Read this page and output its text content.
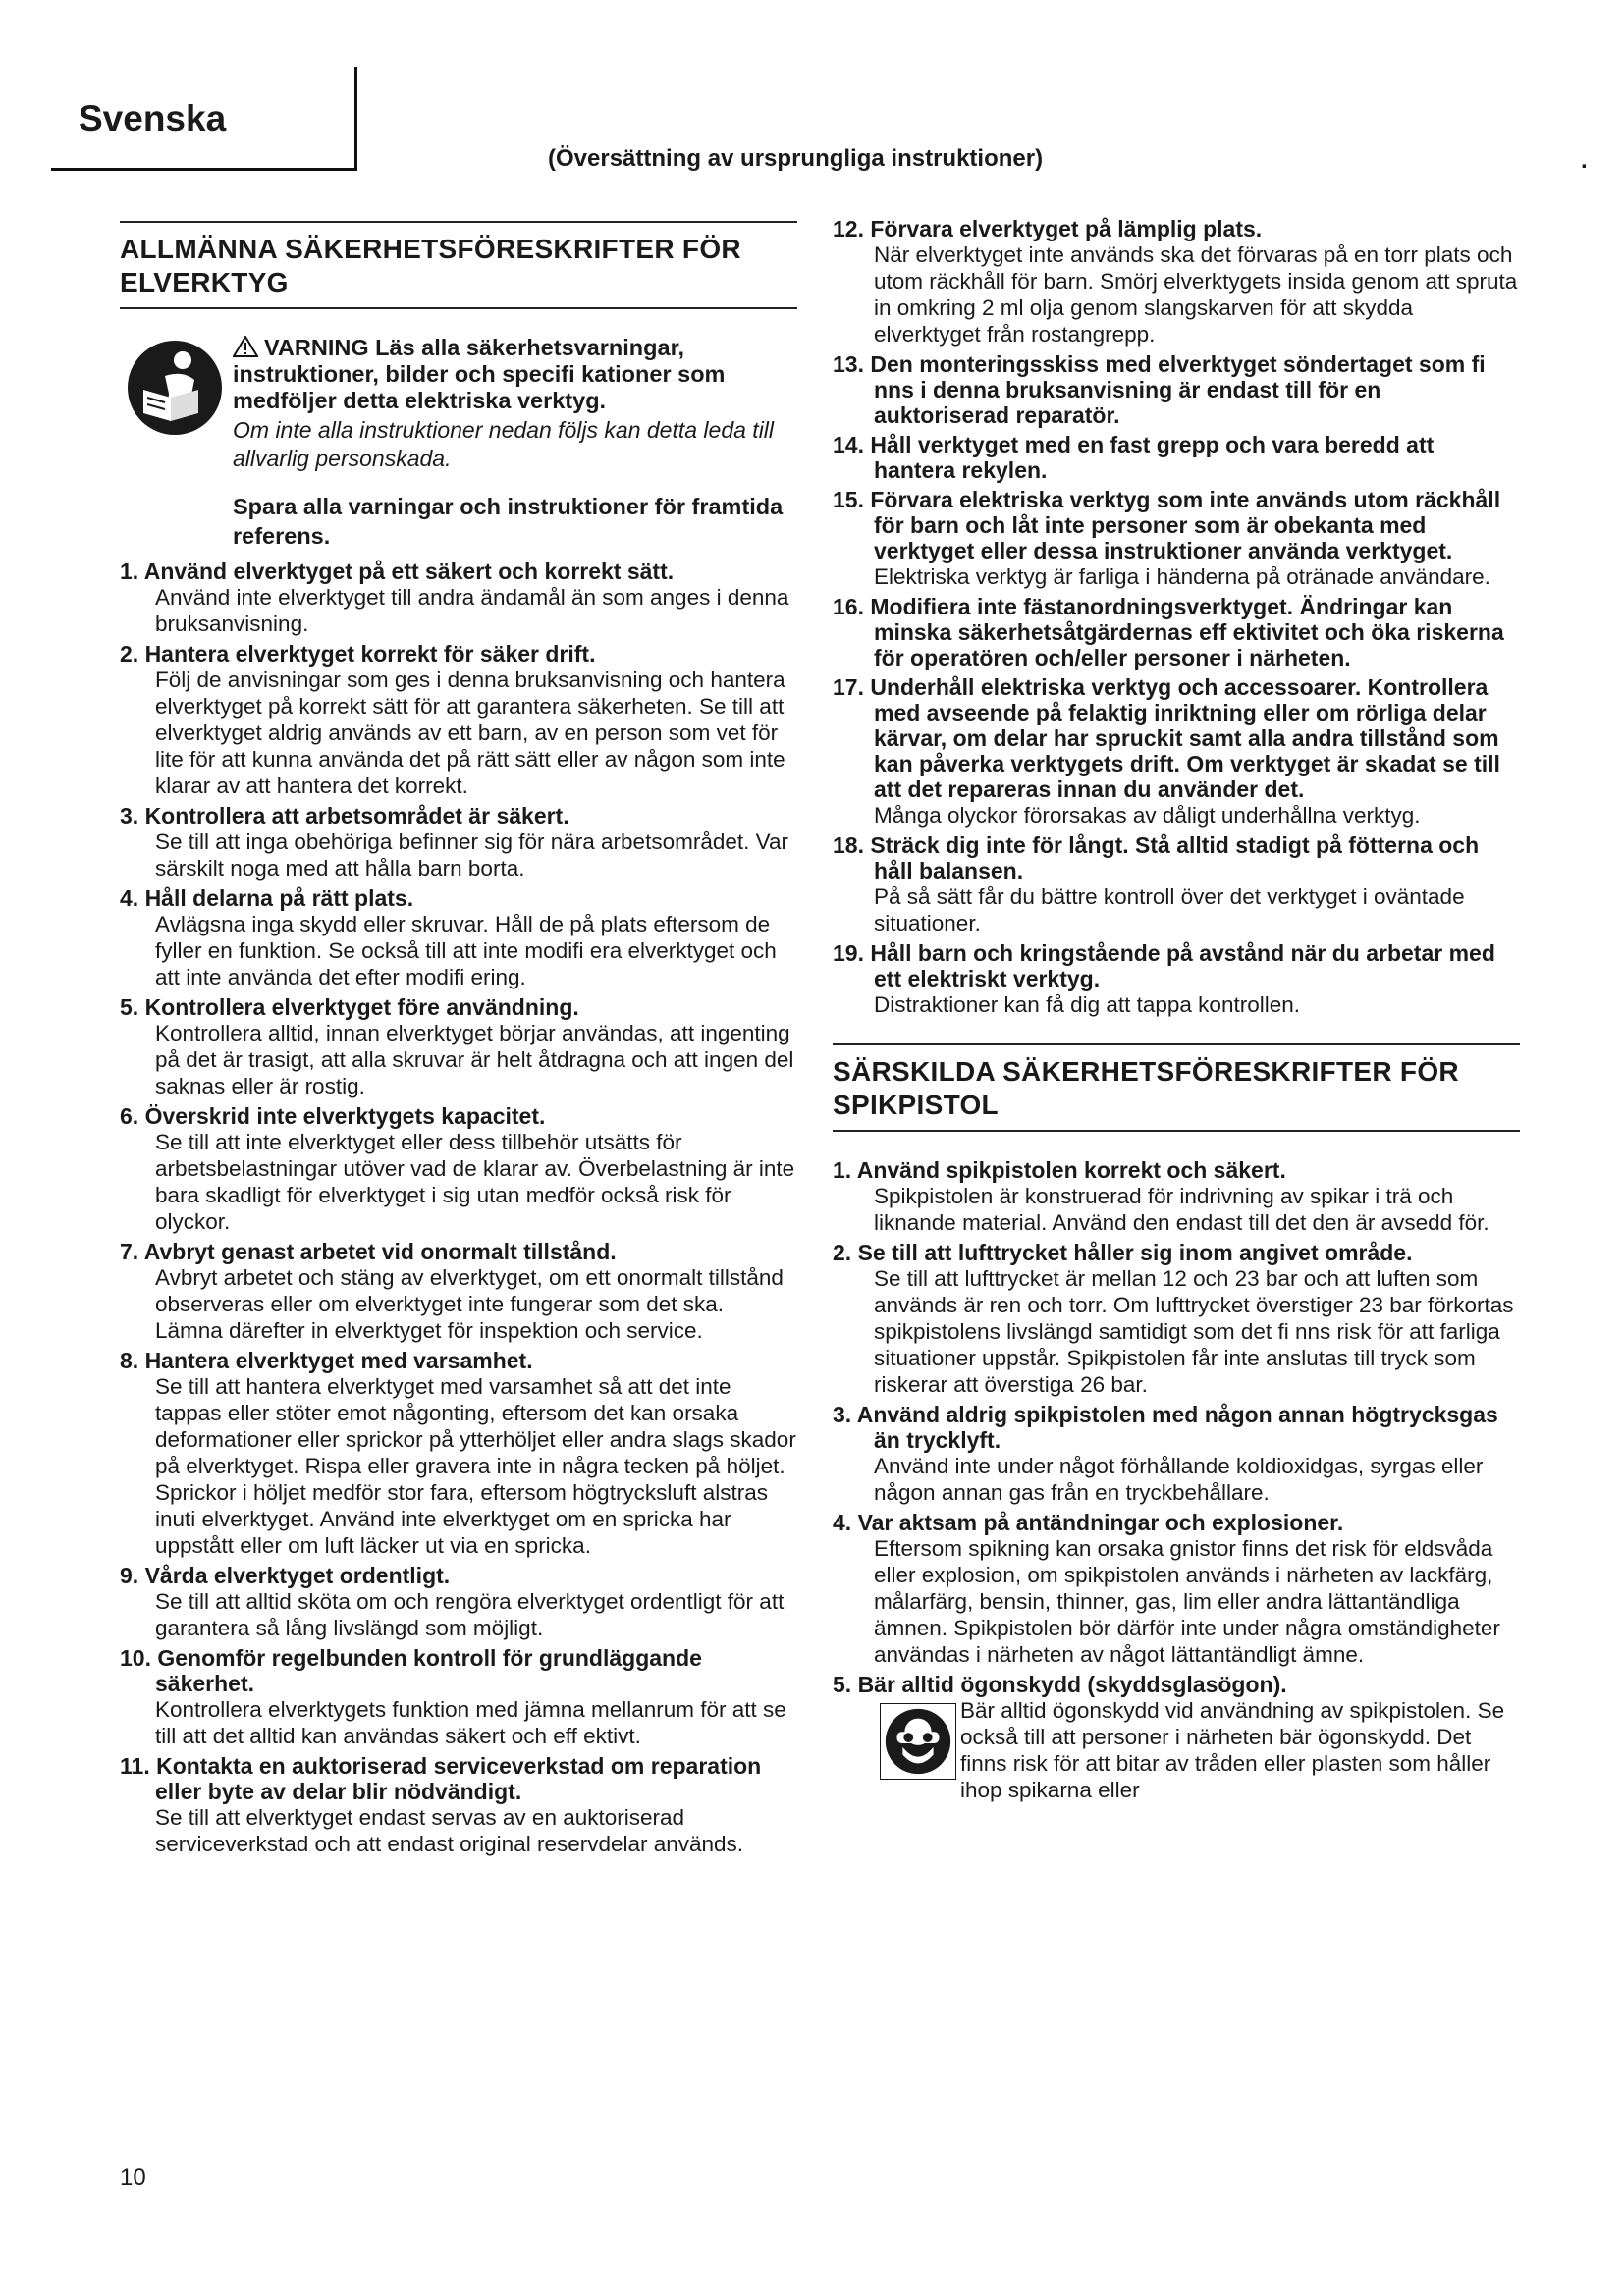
Svenska
(Översättning av ursprungliga instruktioner)	.
ALLMÄNNA SÄKERHETSFÖRESKRIFTER FÖR ELVERKTYG
VARNING Läs alla säkerhetsvarningar, instruktioner, bilder och specifi kationer som medföljer detta elektriska verktyg.
Om inte alla instruktioner nedan följs kan detta leda till allvarlig personskada.
Spara alla varningar och instruktioner för framtida referens.
1. Använd elverktyget på ett säkert och korrekt sätt.
Använd inte elverktyget till andra ändamål än som anges i denna bruksanvisning.
2. Hantera elverktyget korrekt för säker drift.
Följ de anvisningar som ges i denna bruksanvisning och hantera elverktyget på korrekt sätt för att garantera säkerheten. Se till att elverktyget aldrig används av ett barn, av en person som vet för lite för att kunna använda det på rätt sätt eller av någon som inte klarar av att hantera det korrekt.
3. Kontrollera att arbetsområdet är säkert.
Se till att inga obehöriga befinner sig för nära arbetsområdet. Var särskilt noga med att hålla barn borta.
4. Håll delarna på rätt plats.
Avlägsna inga skydd eller skruvar. Håll de på plats eftersom de fyller en funktion. Se också till att inte modifi era elverktyget och att inte använda det efter modifi ering.
5. Kontrollera elverktyget före användning.
Kontrollera alltid, innan elverktyget börjar användas, att ingenting på det är trasigt, att alla skruvar är helt åtdragna och att ingen del saknas eller är rostig.
6. Överskrid inte elverktygets kapacitet.
Se till att inte elverktyget eller dess tillbehör utsätts för arbetsbelastningar utöver vad de klarar av. Överbelastning är inte bara skadligt för elverktyget i sig utan medför också risk för olyckor.
7. Avbryt genast arbetet vid onormalt tillstånd.
Avbryt arbetet och stäng av elverktyget, om ett onormalt tillstånd observeras eller om elverktyget inte fungerar som det ska. Lämna därefter in elverktyget för inspektion och service.
8. Hantera elverktyget med varsamhet.
Se till att hantera elverktyget med varsamhet så att det inte tappas eller stöter emot någonting, eftersom det kan orsaka deformationer eller sprickor på ytterhöljet eller andra slags skador på elverktyget. Rispa eller gravera inte in några tecken på höljet. Sprickor i höljet medför stor fara, eftersom högtrycksluft alstras inuti elverktyget. Använd inte elverktyget om en spricka har uppstått eller om luft läcker ut via en spricka.
9. Vårda elverktyget ordentligt.
Se till att alltid sköta om och rengöra elverktyget ordentligt för att garantera så lång livslängd som möjligt.
10. Genomför regelbunden kontroll för grundläggande säkerhet.
Kontrollera elverktygets funktion med jämna mellanrum för att se till att det alltid kan användas säkert och eff ektivt.
11. Kontakta en auktoriserad serviceverkstad om reparation eller byte av delar blir nödvändigt.
Se till att elverktyget endast servas av en auktoriserad serviceverkstad och att endast original reservdelar används.
12. Förvara elverktyget på lämplig plats.
När elverktyget inte används ska det förvaras på en torr plats och utom räckhåll för barn. Smörj elverktygets insida genom att spruta in omkring 2 ml olja genom slangskarven för att skydda elverktyget från rostangrepp.
13. Den monteringsskiss med elverktyget söndertaget som fi nns i denna bruksanvisning är endast till för en auktoriserad reparatör.
14. Håll verktyget med en fast grepp och vara beredd att hantera rekylen.
15. Förvara elektriska verktyg som inte används utom räckhåll för barn och låt inte personer som är obekanta med verktyget eller dessa instruktioner använda verktyget.
Elektriska verktyg är farliga i händerna på otränade användare.
16. Modifiera inte fästanordningsverktyget. Ändringar kan minska säkerhetsåtgärdernas eff ektivitet och öka riskerna för operatören och/eller personer i närheten.
17. Underhåll elektriska verktyg och accessoarer. Kontrollera med avseende på felaktig inriktning eller om rörliga delar kärvar, om delar har spruckit samt alla andra tillstånd som kan påverka verktygets drift. Om verktyget är skadat se till att det repareras innan du använder det.
Många olyckor förorsakas av dåligt underhållna verktyg.
18. Sträck dig inte för långt. Stå alltid stadigt på fötterna och håll balansen.
På så sätt får du bättre kontroll över det verktyget i oväntade situationer.
19. Håll barn och kringstående på avstånd när du arbetar med ett elektriskt verktyg.
Distraktioner kan få dig att tappa kontrollen.
SÄRSKILDA SÄKERHETSFÖRESKRIFTER FÖR SPIKPISTOL
1. Använd spikpistolen korrekt och säkert.
Spikpistolen är konstruerad för indrivning av spikar i trä och liknande material. Använd den endast till det den är avsedd för.
2. Se till att lufttrycket håller sig inom angivet område.
Se till att lufttrycket är mellan 12 och 23 bar och att luften som används är ren och torr. Om lufttrycket överstiger 23 bar förkortas spikpistolens livslängd samtidigt som det fi nns risk för att farliga situationer uppstår. Spikpistolen får inte anslutas till tryck som riskerar att överstiga 26 bar.
3. Använd aldrig spikpistolen med någon annan högtrycksgas än trycklyft.
Använd inte under något förhållande koldioxidgas, syrgas eller någon annan gas från en tryckbehållare.
4. Var aktsam på antändningar och explosioner.
Eftersom spikning kan orsaka gnistor finns det risk för eldsvåda eller explosion, om spikpistolen används i närheten av lackfärg, målarfärg, bensin, thinner, gas, lim eller andra lättantändliga ämnen. Spikpistolen bör därför inte under några omständigheter användas i närheten av något lättantändligt ämne.
5. Bär alltid ögonskydd (skyddsglasögon).
Bär alltid ögonskydd vid användning av spikpistolen. Se också till att personer i närheten bär ögonskydd. Det finns risk för att bitar av tråden eller plasten som håller ihop spikarna eller
10
